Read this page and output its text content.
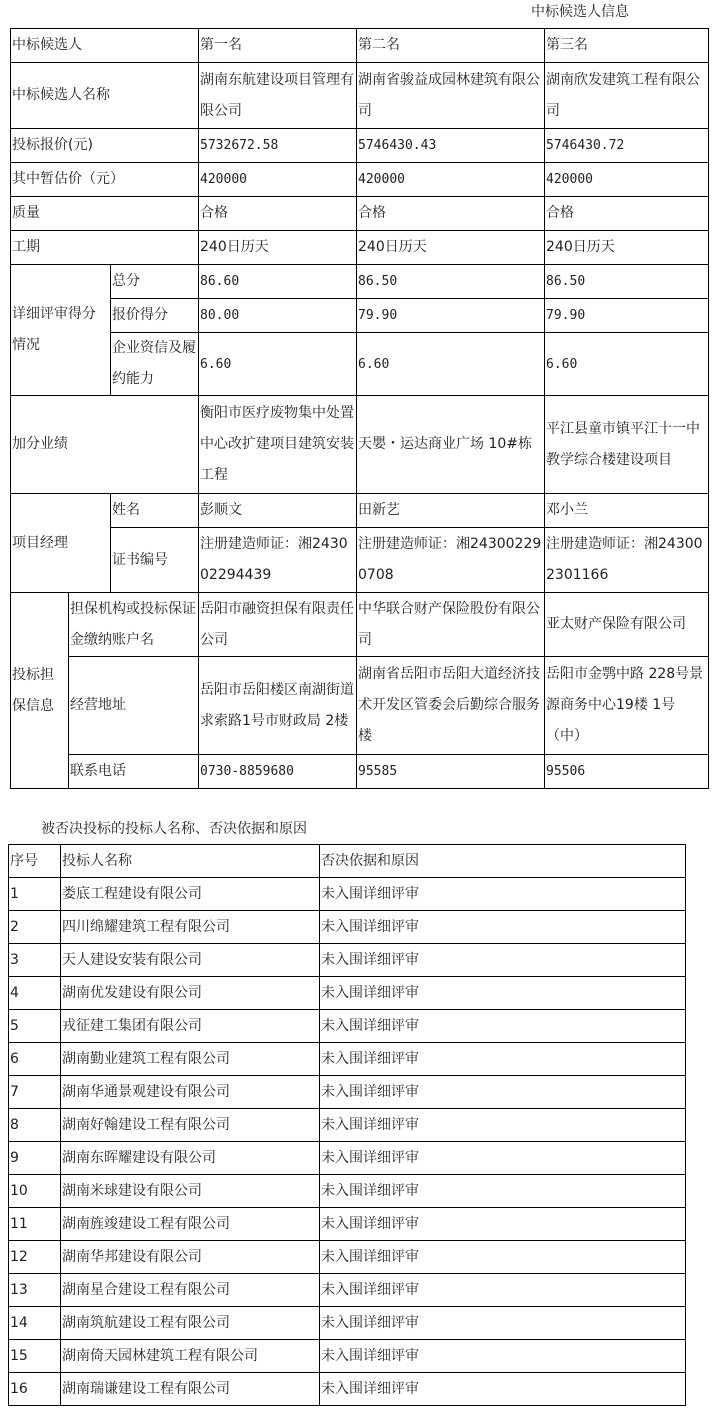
中标候选人信息
中标候选人			第一名	第二名	第三名
中标候选人名称			湖南东航建设项目管理有限公司	湖南省骏益成园林建筑有限公司	湖南欣发建筑工程有限公司
投标报价(元)			5732672.58	5746430.43	5746430.72
其中暂估价（元）			420000	420000	420000
质量			合格	合格	合格
工期			240日历天	240日历天	240日历天
详细评审得分情况		总分	86.60	86.50	86.50
		报价得分	80.00	79.90	79.90
		企业资信及履约能力	6.60	6.60	6.60
加分业绩			衡阳市医疗废物集中处置中心改扩建项目建筑安装工程	天嬰・运达商业广场 10#栋	平江县童市镇平江十一中教学综合楼建设项目
项目经理		姓名	彭顺文	田新艺	邓小兰
		证书编号	注册建造师证：湘243002294439	注册建造师证：湘243002290708	注册建造师证：湘243002301166
投标担保信息	担保机构或投标保证金缴纳账户名		岳阳市融资担保有限责任公司	中华联合财产保险股份有限公司	亚太财产保险有限公司
	经营地址		岳阳市岳阳楼区南湖街道求索路1号市财政局 2楼	湖南省岳阳市岳阳大道经济技术开发区管委会后勤综合服务楼	岳阳市金鹗中路 228号景源商务中心19楼 1号（中）
	联系电话		0730-8859680	95585	95506
被否决投标的投标人名称、否决依据和原因
序号	投标人名称	否决依据和原因
1	娄底工程建设有限公司	未入围详细评审
2	四川绵耀建筑工程有限公司	未入围详细评审
3	天人建设安装有限公司	未入围详细评审
4	湖南优发建设有限公司	未入围详细评审
5	戎征建工集团有限公司	未入围详细评审
6	湖南勤业建筑工程有限公司	未入围详细评审
7	湖南华通景观建设有限公司	未入围详细评审
8	湖南好翰建设工程有限公司	未入围详细评审
9	湖南东晖耀建设有限公司	未入围详细评审
10	湖南米球建设有限公司	未入围详细评审
11	湖南旌竣建设工程有限公司	未入围详细评审
12	湖南华邦建设有限公司	未入围详细评审
13	湖南星合建设工程有限公司	未入围详细评审
14	湖南筑航建设工程有限公司	未入围详细评审
15	湖南倚天园林建筑工程有限公司	未入围详细评审
16	湖南瑞谦建设工程有限公司	未入围详细评审
